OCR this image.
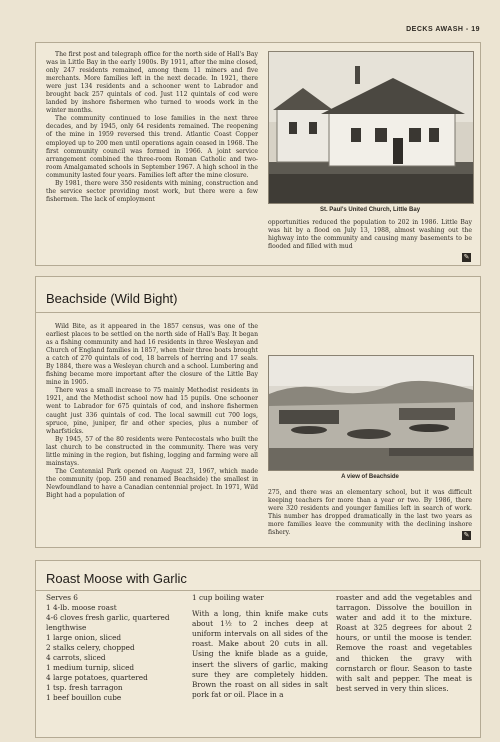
DECKS AWASH - 19

The first post and telegraph office for the north side of Hall's Bay was in Little Bay in the early 1900s. By 1911, after the mine closed, only 247 residents remained, among them 11 miners and five merchants. More families left in the next decade. In 1921, there were just 134 residents and a schooner went to Labrador and brought back 257 quintals of cod. Just 112 quintals of cod were landed by inshore fishermen who turned to woods work in the winter months.

The community continued to lose families in the next three decades, and by 1945, only 64 residents remained. The reopening of the mine in 1959 reversed this trend. Atlantic Coast Copper employed up to 200 men until operations again ceased in 1968. The first community council was formed in 1966. A joint service arrangement combined the three-room Roman Catholic and two-room Amalgamated schools in September 1967. A high school in the community lasted four years. Families left after the mine closure.

By 1981, there were 350 residents with mining, construction and the service sector providing most work, but there were a few fishermen. The lack of employment

St. Paul's United Church, Little Bay

opportunities reduced the population to 202 in 1986. Little Bay was hit by a flood on July 13, 1988, almost washing out the highway into the community and causing many basements to be flooded and filled with mud

✎
Beachside (Wild Bight)

Wild Bite, as it appeared in the 1857 census, was one of the earliest places to be settled on the north side of Hall's Bay. It began as a fishing community and had 16 residents in three Wesleyan and Church of England families in 1857, when their three boats brought a catch of 270 quintals of cod, 18 barrels of herring and 17 seals. By 1884, there was a Wesleyan church and a school. Lumbering and fishing became more important after the closure of the Little Bay mine in 1905.

There was a small increase to 75 mainly Methodist residents in 1921, and the Methodist school now had 15 pupils. One schooner went to Labrador for 675 quintals of cod, and inshore fishermen caught just 336 quintals of cod. The local sawmill cut 700 logs, spruce, pine, juniper, fir and other species, plus a number of wharfsticks.

By 1945, 57 of the 80 residents were Pentecostals who built the last church to be constructed in the community. There was very little mining in the region, but fishing, logging and farming were all mainstays.

The Centennial Park opened on August 23, 1967, which made the community (pop. 250 and renamed Beachside) the smallest in Newfoundland to have a Canadian centennial project. In 1971, Wild Bight had a population of

A view of Beachside

275, and there was an elementary school, but it was difficult keeping teachers for more than a year or two. By 1986, there were 320 residents and younger families left in search of work. This number has dropped dramatically in the last two years as more families leave the community with the declining inshore fishery.	✎
Roast Moose with Garlic
Serves 6
1 4-lb. moose roast
4-6 cloves fresh garlic, quartered
lengthwise
1 large onion, sliced
2 stalks celery, chopped
4 carrots, sliced
1 medium turnip, sliced
4 large potatoes, quartered
1 tsp. fresh tarragon
1 beef bouillon cube

1 cup boiling water

With a long, thin knife make cuts about 1½ to 2 inches deep at uniform intervals on all sides of the roast. Make about 20 cuts in all. Using the knife blade as a guide, insert the slivers of garlic, making sure they are completely hidden. Brown the roast on all sides in salt pork fat or oil. Place in a

roaster and add the vegetables and tarragon. Dissolve the bouillon in water and add it to the mixture. Roast at 325 degrees for about 2 hours, or until the moose is tender. Remove the roast and vegetables and thicken the gravy with cornstarch or flour. Season to taste with salt and pepper. The meat is best served in very thin slices.
